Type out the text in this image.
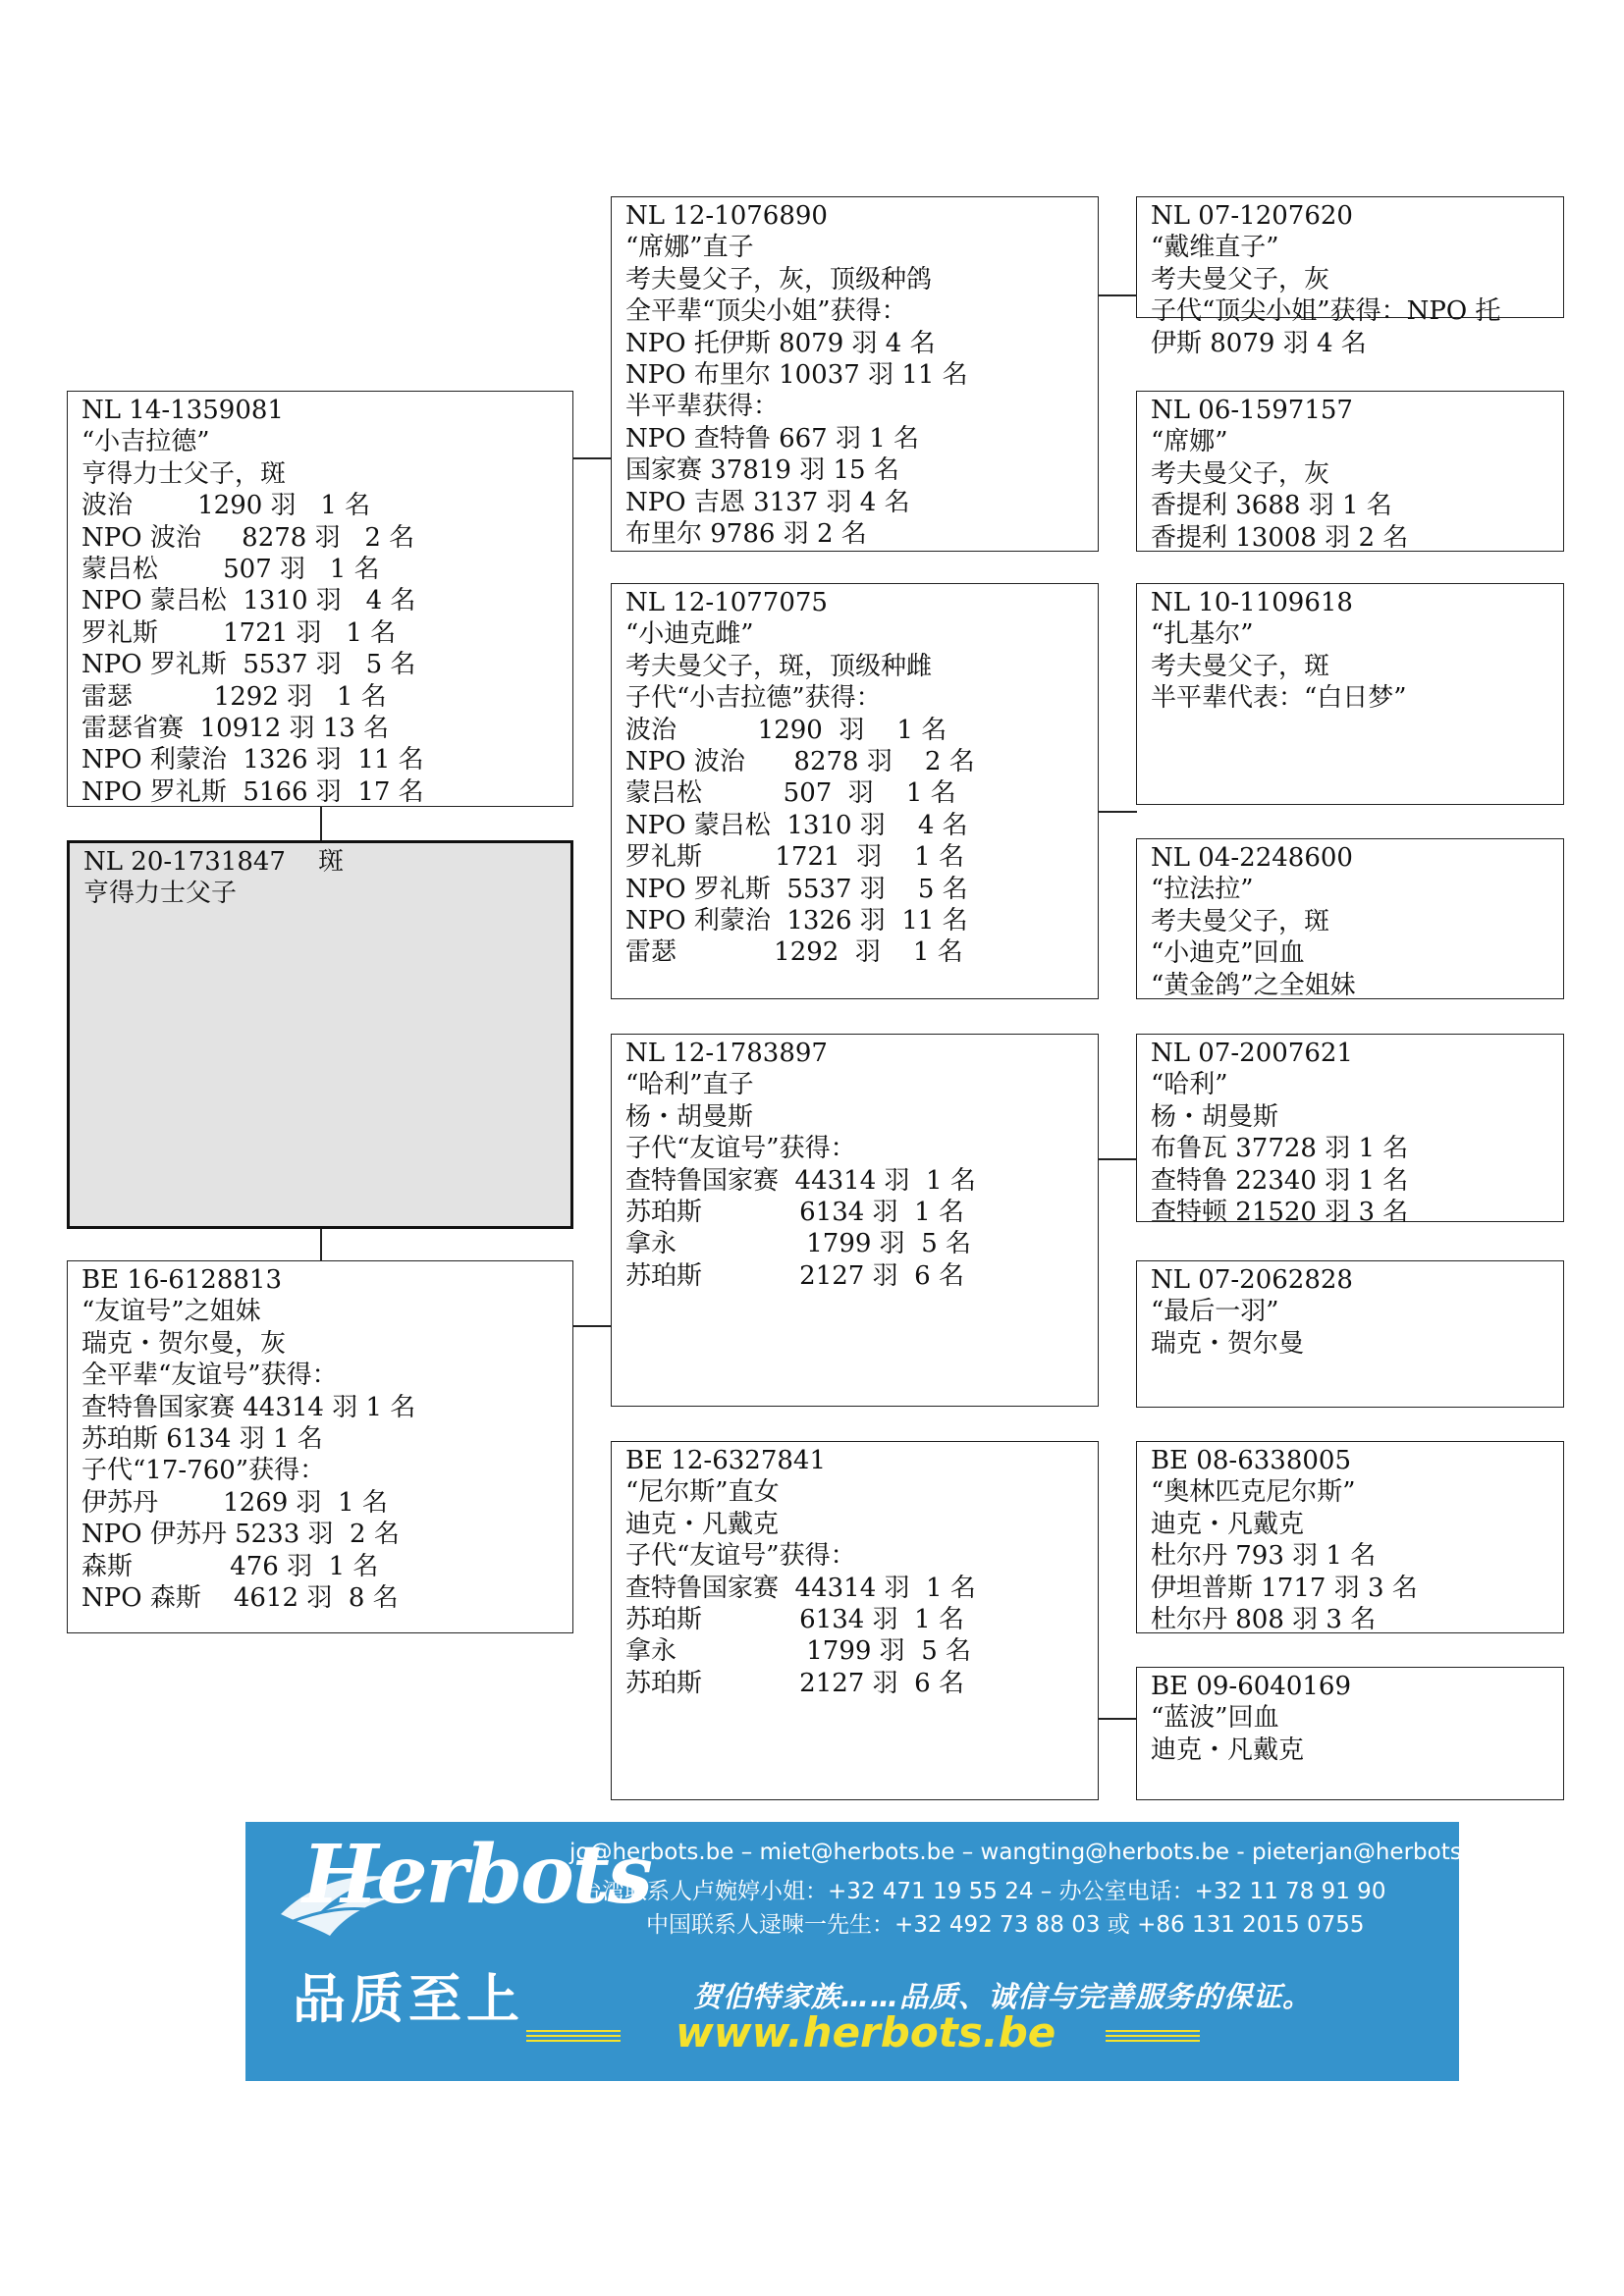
NL 14-1359081
“小吉拉德”
亨得力士父子，斑
波治        1290 羽   1 名
NPO 波治     8278 羽   2 名
蒙吕松        507 羽   1 名
NPO 蒙吕松  1310 羽   4 名
罗礼斯        1721 羽   1 名
NPO 罗礼斯  5537 羽   5 名
雷瑟          1292 羽   1 名
雷瑟省赛  10912 羽 13 名
NPO 利蒙治  1326 羽  11 名
NPO 罗礼斯  5166 羽  17 名
NL 20-1731847    斑
亨得力士父子
BE 16-6128813
“友谊号”之姐妹
瑞克・贺尔曼，灰
全平辈“友谊号”获得：
查特鲁国家赛 44314 羽 1 名
苏珀斯 6134 羽 1 名
子代“17-760”获得：
伊苏丹        1269 羽  1 名
NPO 伊苏丹 5233 羽  2 名
森斯            476 羽  1 名
NPO 森斯    4612 羽  8 名
NL 12-1076890
“席娜”直子
考夫曼父子，灰，顶级种鸽
全平辈“顶尖小姐”获得：
NPO 托伊斯 8079 羽 4 名
NPO 布里尔 10037 羽 11 名
半平辈获得：
NPO 查特鲁 667 羽 1 名
国家赛 37819 羽 15 名
NPO 吉恩 3137 羽 4 名
布里尔 9786 羽 2 名
NL 12-1077075
“小迪克雌”
考夫曼父子，斑，顶级种雌
子代“小吉拉德”获得：
波治          1290  羽    1 名
NPO 波治      8278 羽    2 名
蒙吕松          507  羽    1 名
NPO 蒙吕松  1310 羽    4 名
罗礼斯         1721  羽    1 名
NPO 罗礼斯  5537 羽    5 名
NPO 利蒙治  1326 羽  11 名
雷瑟            1292  羽    1 名
NL 12-1783897
“哈利”直子
杨・胡曼斯
子代“友谊号”获得：
查特鲁国家赛  44314 羽  1 名
苏珀斯            6134 羽  1 名
拿永                1799 羽  5 名
苏珀斯            2127 羽  6 名
BE 12-6327841
“尼尔斯”直女
迪克・凡戴克
子代“友谊号”获得：
查特鲁国家赛  44314 羽  1 名
苏珀斯            6134 羽  1 名
拿永                1799 羽  5 名
苏珀斯            2127 羽  6 名
NL 07-1207620
“戴维直子”
考夫曼父子，灰
子代“顶尖小姐”获得：NPO 托
伊斯 8079 羽 4 名
NL 06-1597157
“席娜”
考夫曼父子，灰
香提利 3688 羽 1 名
香提利 13008 羽 2 名
NL 10-1109618
“扎基尔”
考夫曼父子，斑
半平辈代表：“白日梦”
NL 04-2248600
“拉法拉”
考夫曼父子，斑
“小迪克”回血
“黄金鸽”之全姐妹
NL 07-2007621
“哈利”
杨・胡曼斯
布鲁瓦 37728 羽 1 名
查特鲁 22340 羽 1 名
查特顿 21520 羽 3 名
NL 07-2062828
“最后一羽”
瑞克・贺尔曼
BE 08-6338005
“奥林匹克尼尔斯”
迪克・凡戴克
杜尔丹 793 羽 1 名
伊坦普斯 1717 羽 3 名
杜尔丹 808 羽 3 名
BE 09-6040169
“蓝波”回血
迪克・凡戴克
Herbots
品质至上
jo@herbots.be – miet@herbots.be – wangting@herbots.be - pieterjan@herbots.be
台湾联系人卢婉婷小姐：+32 471 19 55 24 – 办公室电话：+32 11 78 91 90
中国联系人逯暕一先生：+32 492 73 88 03 或 +86 131 2015 0755
贺伯特家族……品质、诚信与完善服务的保证。
www.herbots.be
